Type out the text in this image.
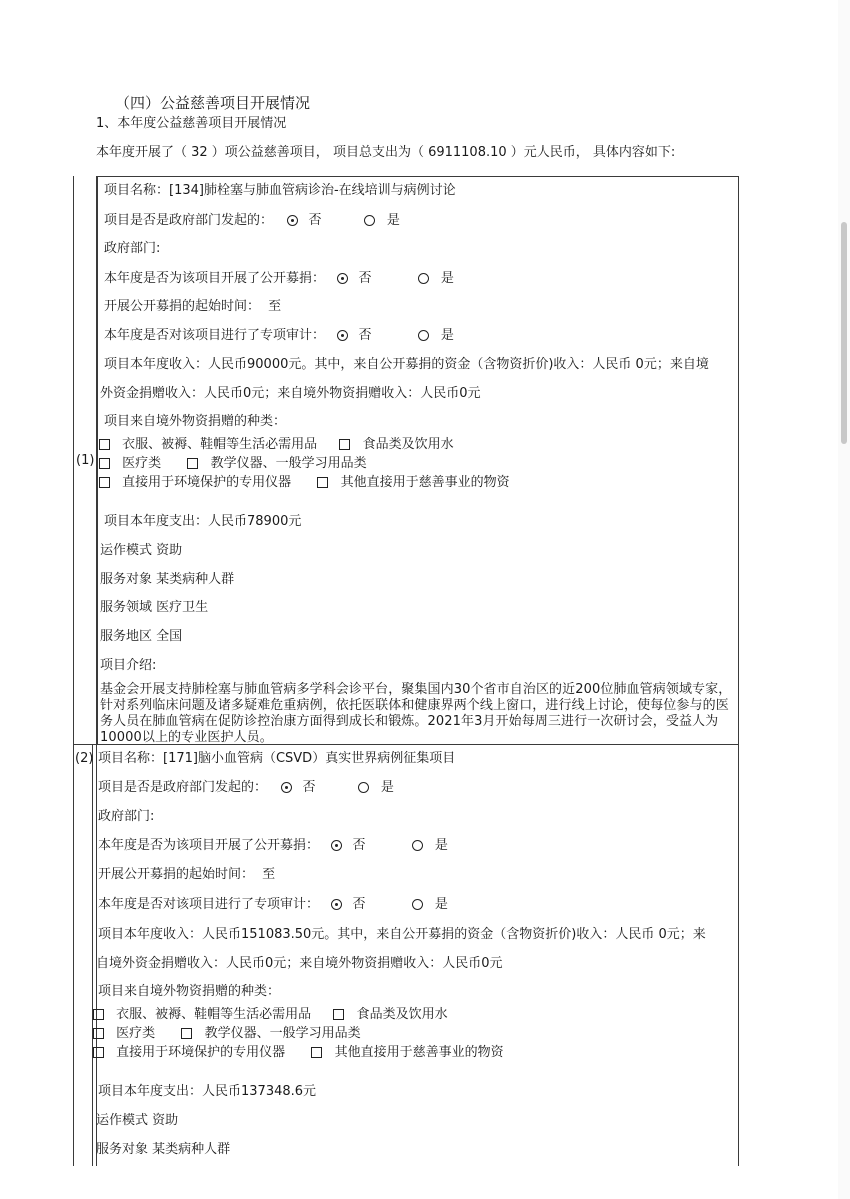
（四）公益慈善项目开展情况
1、本年度公益慈善项目开展情况
本年度开展了（ 32 ）项公益慈善项目， 项目总支出为（ 6911108.10 ）元人民币， 具体内容如下:
(1)
项目名称：[134]肺栓塞与肺血管病诊治-在线培训与病例讨论
项目是否是政府部门发起的：	否	是
政府部门:
本年度是否为该项目开展了公开募捐：	否	是
开展公开募捐的起始时间： 至
本年度是否对该项目进行了专项审计：	否	是
项目本年度收入：人民币90000元。其中，来自公开募捐的资金（含物资折价)收入：人民币 0元；来自境
外资金捐赠收入：人民币0元；来自境外物资捐赠收入：人民币0元
项目来自境外物资捐赠的种类：
衣服、被褥、鞋帽等生活必需用品	食品类及饮用水
医疗类	教学仪器、一般学习用品类
直接用于环境保护的专用仪器	其他直接用于慈善事业的物资
项目本年度支出：人民币78900元
运作模式 资助
服务对象 某类病种人群
服务领域 医疗卫生
服务地区 全国
项目介绍:
基金会开展支持肺栓塞与肺血管病多学科会诊平台，聚集国内30个省市自治区的近200位肺血管病领域专家，针对系列临床问题及诸多疑难危重病例，依托医联体和健康界两个线上窗口，进行线上讨论，使每位参与的医务人员在肺血管病在促防诊控治康方面得到成长和锻炼。2021年3月开始每周三进行一次研讨会，受益人为10000以上的专业医护人员。
(2) 项目名称：[171]脑小血管病（CSVD）真实世界病例征集项目
项目是否是政府部门发起的：	否	是
政府部门:
本年度是否为该项目开展了公开募捐：	否	是
开展公开募捐的起始时间： 至
本年度是否对该项目进行了专项审计：	否	是
项目本年度收入：人民币151083.50元。其中，来自公开募捐的资金（含物资折价)收入：人民币 0元；来
自境外资金捐赠收入：人民币0元；来自境外物资捐赠收入：人民币0元
项目来自境外物资捐赠的种类：
衣服、被褥、鞋帽等生活必需用品	食品类及饮用水
医疗类	教学仪器、一般学习用品类
直接用于环境保护的专用仪器	其他直接用于慈善事业的物资
项目本年度支出：人民币137348.6元
运作模式 资助
服务对象 某类病种人群
